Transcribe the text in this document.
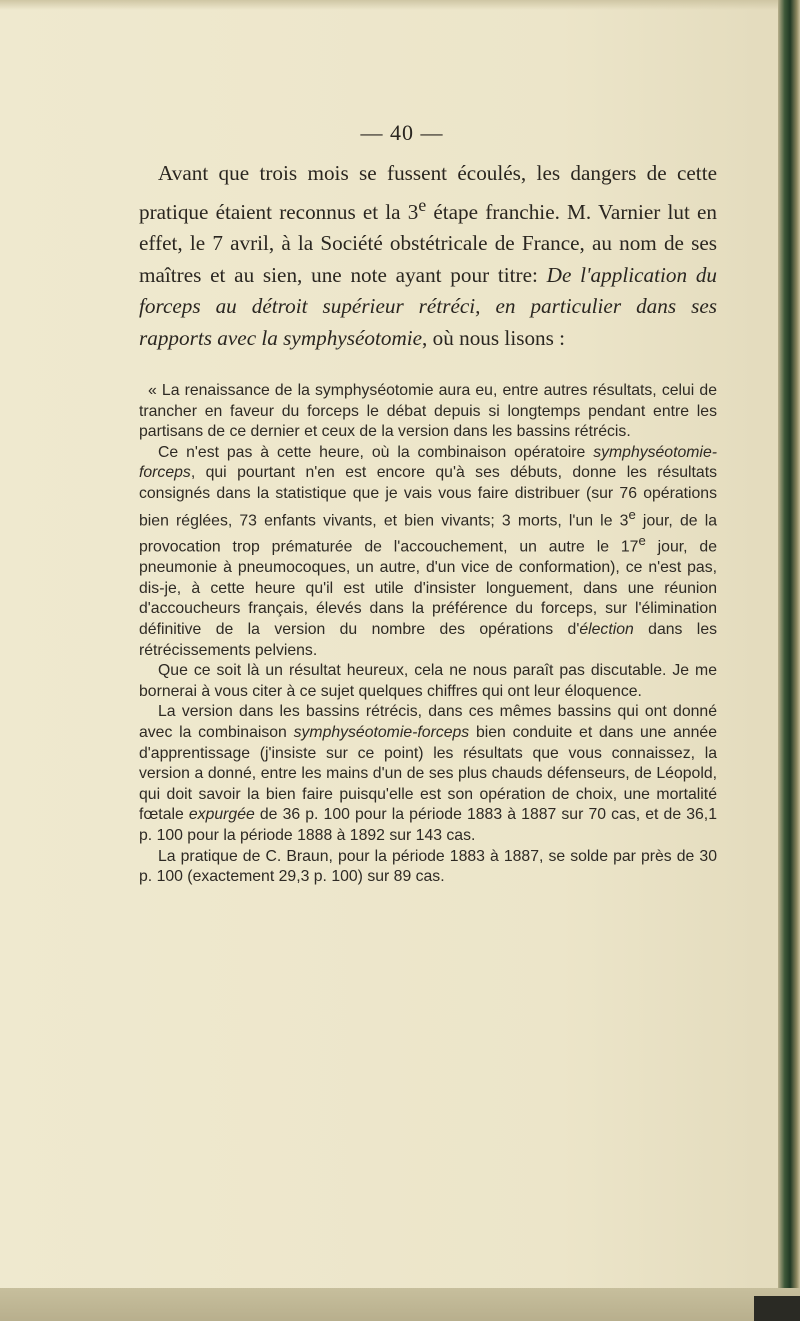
— 40 —

Avant que trois mois se fussent écoulés, les dangers de cette pratique étaient reconnus et la 3e étape franchie. M. Varnier lut en effet, le 7 avril, à la Société obstétricale de France, au nom de ses maîtres et au sien, une note ayant pour titre: De l'application du forceps au détroit supérieur rétréci, en particulier dans ses rapports avec la symphyséotomie, où nous lisons :

« La renaissance de la symphyséotomie aura eu, entre autres résultats, celui de trancher en faveur du forceps le débat depuis si longtemps pendant entre les partisans de ce dernier et ceux de la version dans les bassins rétrécis.

Ce n'est pas à cette heure, où la combinaison opératoire symphyséotomie-forceps, qui pourtant n'en est encore qu'à ses débuts, donne les résultats consignés dans la statistique que je vais vous faire distribuer (sur 76 opérations bien réglées, 73 enfants vivants, et bien vivants; 3 morts, l'un le 3e jour, de la provocation trop prématurée de l'accouchement, un autre le 17e jour, de pneumonie à pneumocoques, un autre, d'un vice de conformation), ce n'est pas, dis-je, à cette heure qu'il est utile d'insister longuement, dans une réunion d'accoucheurs français, élevés dans la préférence du forceps, sur l'élimination définitive de la version du nombre des opérations d'élection dans les rétrécissements pelviens.

Que ce soit là un résultat heureux, cela ne nous paraît pas discutable. Je me bornerai à vous citer à ce sujet quelques chiffres qui ont leur éloquence.

La version dans les bassins rétrécis, dans ces mêmes bassins qui ont donné avec la combinaison symphyséotomie-forceps bien conduite et dans une année d'apprentissage (j'insiste sur ce point) les résultats que vous connaissez, la version a donné, entre les mains d'un de ses plus chauds défenseurs, de Léopold, qui doit savoir la bien faire puisqu'elle est son opération de choix, une mortalité fœtale expurgée de 36 p. 100 pour la période 1883 à 1887 sur 70 cas, et de 36,1 p. 100 pour la période 1888 à 1892 sur 143 cas.

La pratique de C. Braun, pour la période 1883 à 1887, se solde par près de 30 p. 100 (exactement 29,3 p. 100) sur 89 cas.
